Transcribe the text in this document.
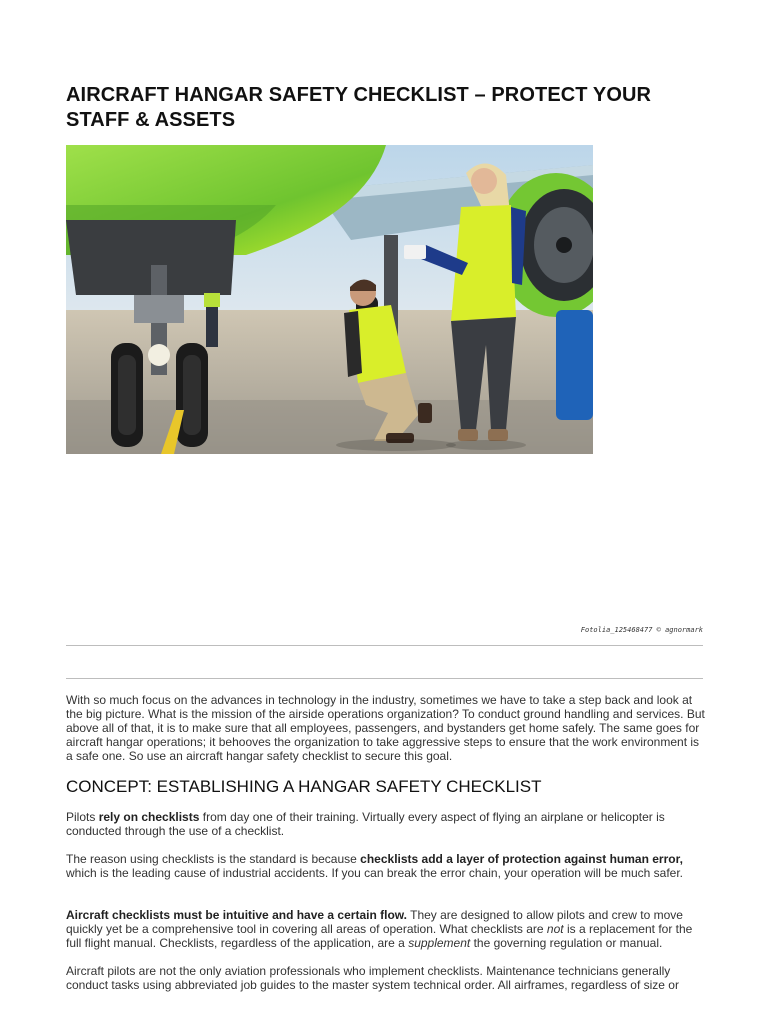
AIRCRAFT HANGAR SAFETY CHECKLIST – PROTECT YOUR STAFF & ASSETS
Fotolia_125468477 © agnormark

With so much focus on the advances in technology in the industry, sometimes we have to take a step back and look at the big picture. What is the mission of the airside operations organization? To conduct ground handling and services. But above all of that, it is to make sure that all employees, passengers, and bystanders get home safely. The same goes for aircraft hangar operations; it behooves the organization to take aggressive steps to ensure that the work environment is a safe one. So use an aircraft hangar safety checklist to secure this goal.

CONCEPT: ESTABLISHING A HANGAR SAFETY CHECKLIST

Pilots rely on checklists from day one of their training. Virtually every aspect of flying an airplane or helicopter is conducted through the use of a checklist.

The reason using checklists is the standard is because checklists add a layer of protection against human error, which is the leading cause of industrial accidents. If you can break the error chain, your operation will be much safer.

Aircraft checklists must be intuitive and have a certain flow. They are designed to allow pilots and crew to move quickly yet be a comprehensive tool in covering all areas of operation. What checklists are not is a replacement for the full flight manual. Checklists, regardless of the application, are a supplement the governing regulation or manual.

Aircraft pilots are not the only aviation professionals who implement checklists. Maintenance technicians generally conduct tasks using abbreviated job guides to the master system technical order. All airframes, regardless of size or
